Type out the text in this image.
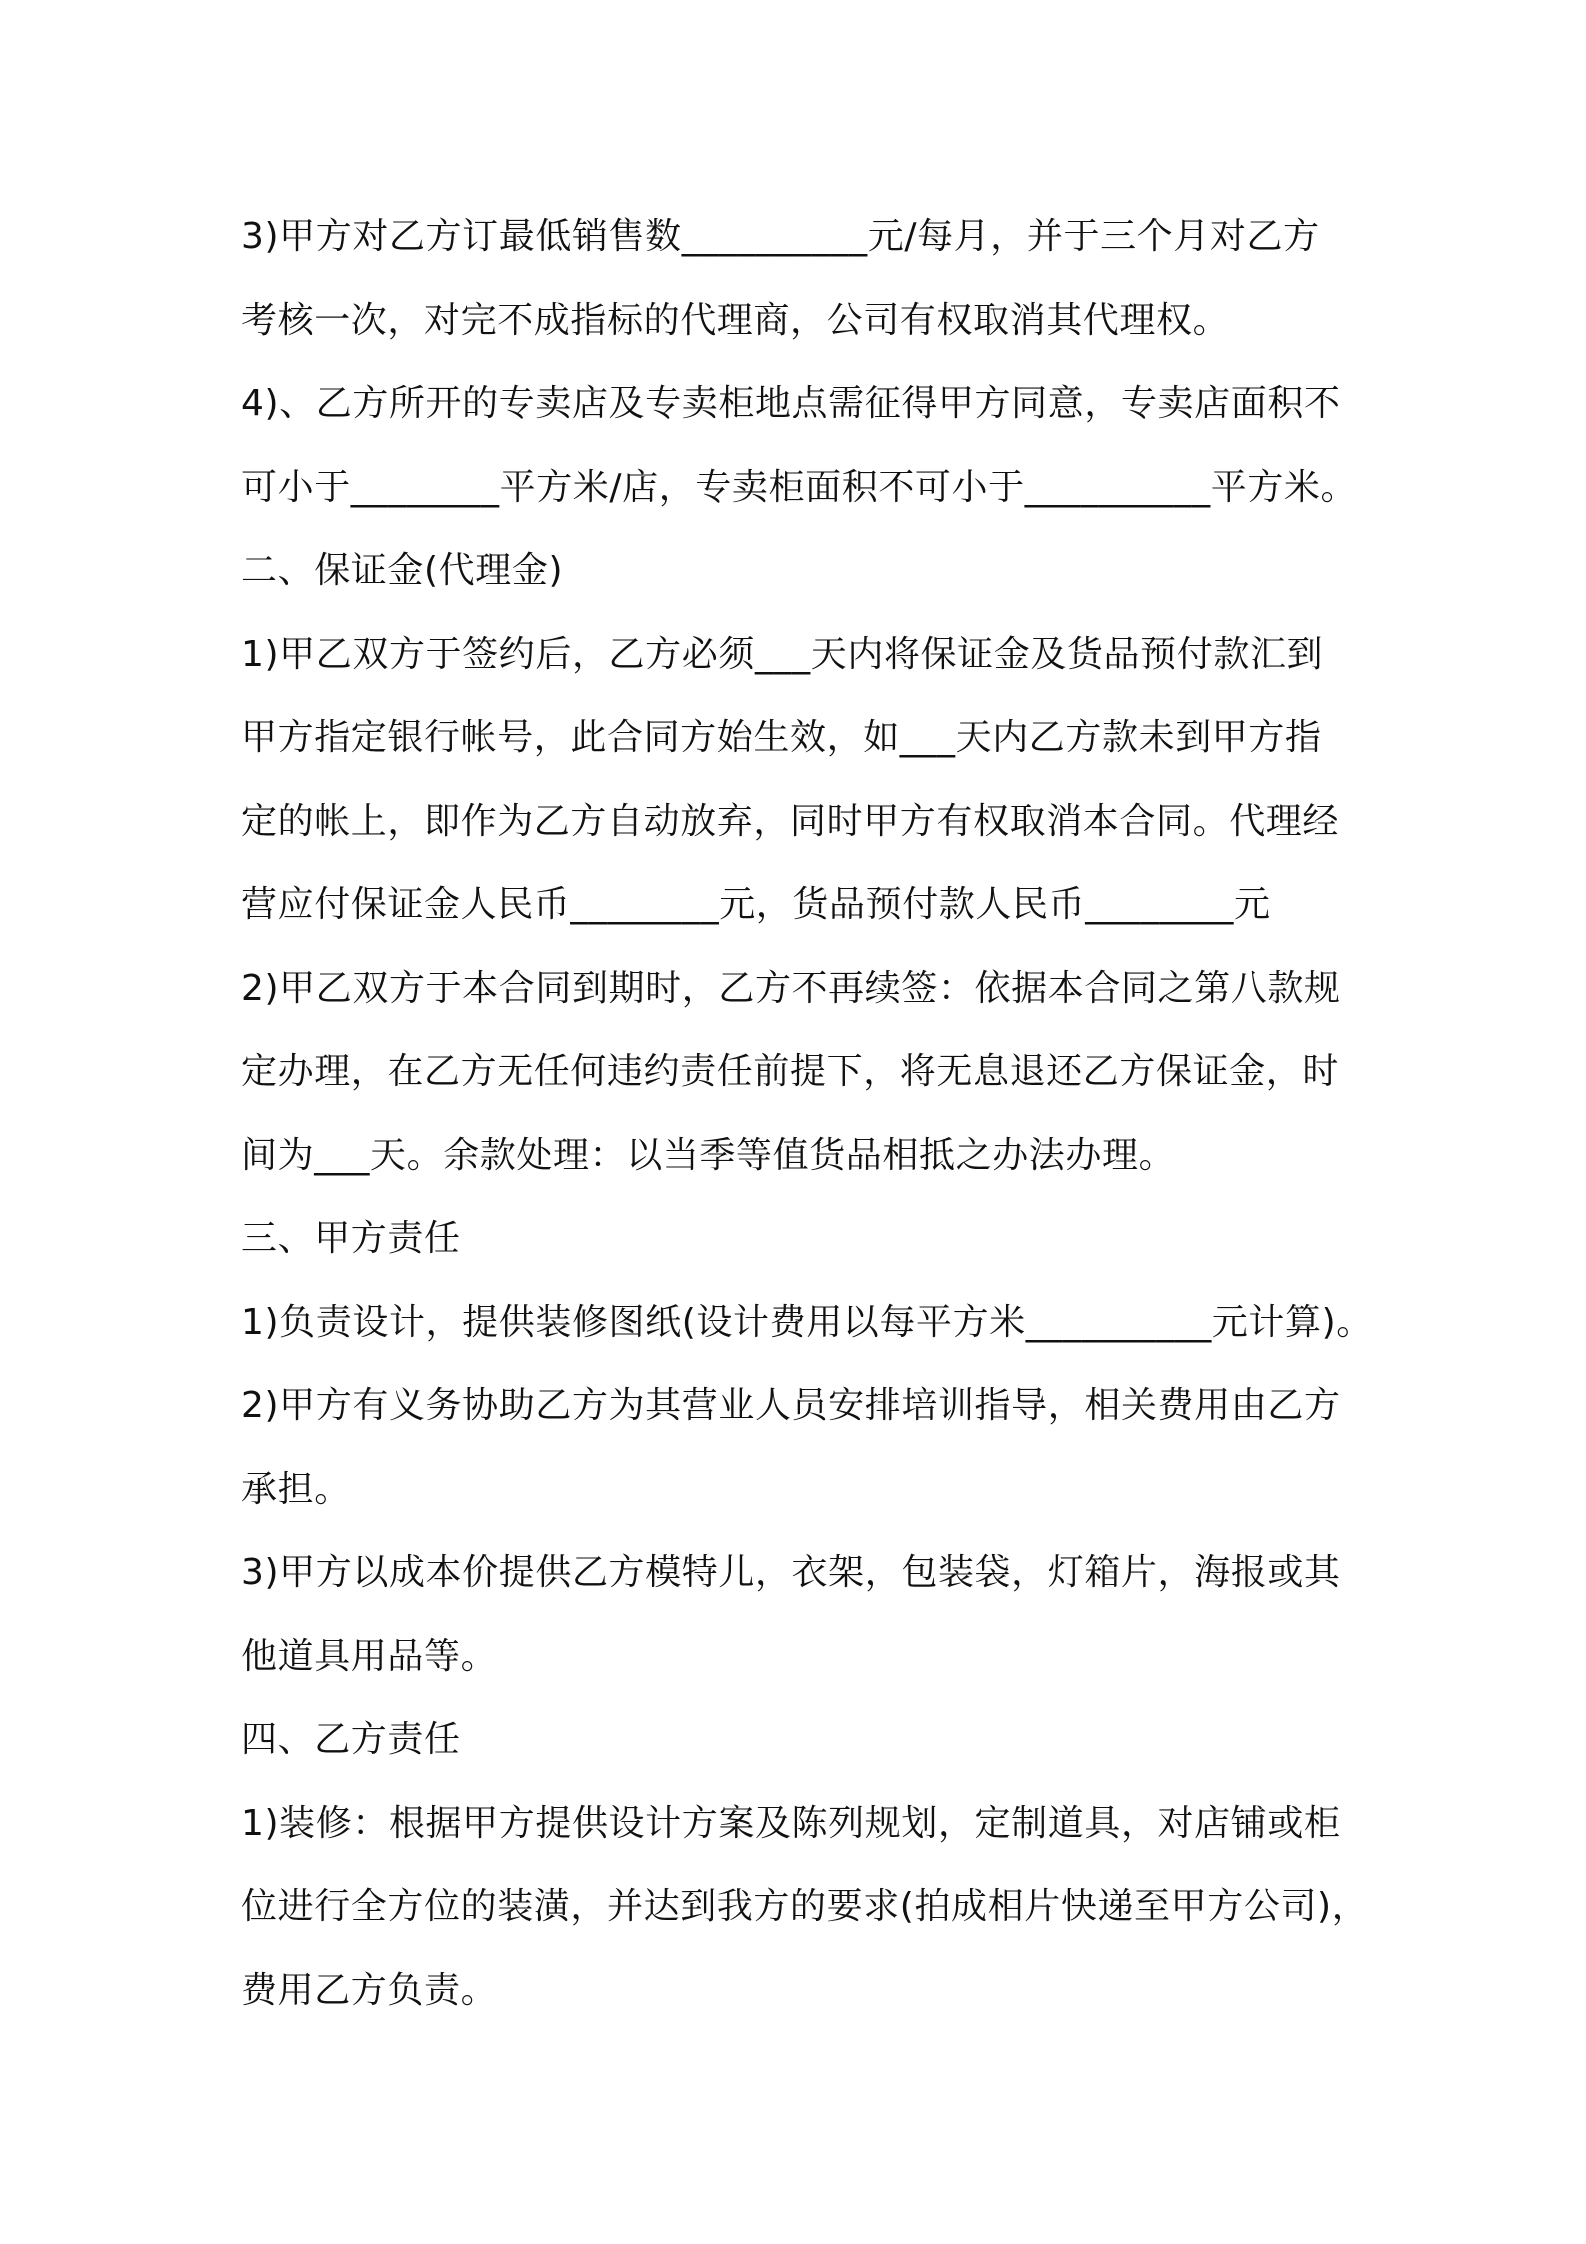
3)甲方对乙方订最低销售数__________元/每月，并于三个月对乙方
考核一次，对完不成指标的代理商，公司有权取消其代理权。
4)、乙方所开的专卖店及专卖柜地点需征得甲方同意，专卖店面积不
可小于________平方米/店，专卖柜面积不可小于__________平方米。
二、保证金(代理金)
1)甲乙双方于签约后，乙方必须___天内将保证金及货品预付款汇到
甲方指定银行帐号，此合同方始生效，如___天内乙方款未到甲方指
定的帐上，即作为乙方自动放弃，同时甲方有权取消本合同。代理经
营应付保证金人民币________元，货品预付款人民币________元
2)甲乙双方于本合同到期时，乙方不再续签：依据本合同之第八款规
定办理，在乙方无任何违约责任前提下，将无息退还乙方保证金，时
间为___天。余款处理：以当季等值货品相抵之办法办理。
三、甲方责任
1)负责设计，提供装修图纸(设计费用以每平方米__________元计算)。
2)甲方有义务协助乙方为其营业人员安排培训指导，相关费用由乙方
承担。
3)甲方以成本价提供乙方模特儿，衣架，包装袋，灯箱片，海报或其
他道具用品等。
四、乙方责任
1)装修：根据甲方提供设计方案及陈列规划，定制道具，对店铺或柜
位进行全方位的装潢，并达到我方的要求(拍成相片快递至甲方公司)，
费用乙方负责。
